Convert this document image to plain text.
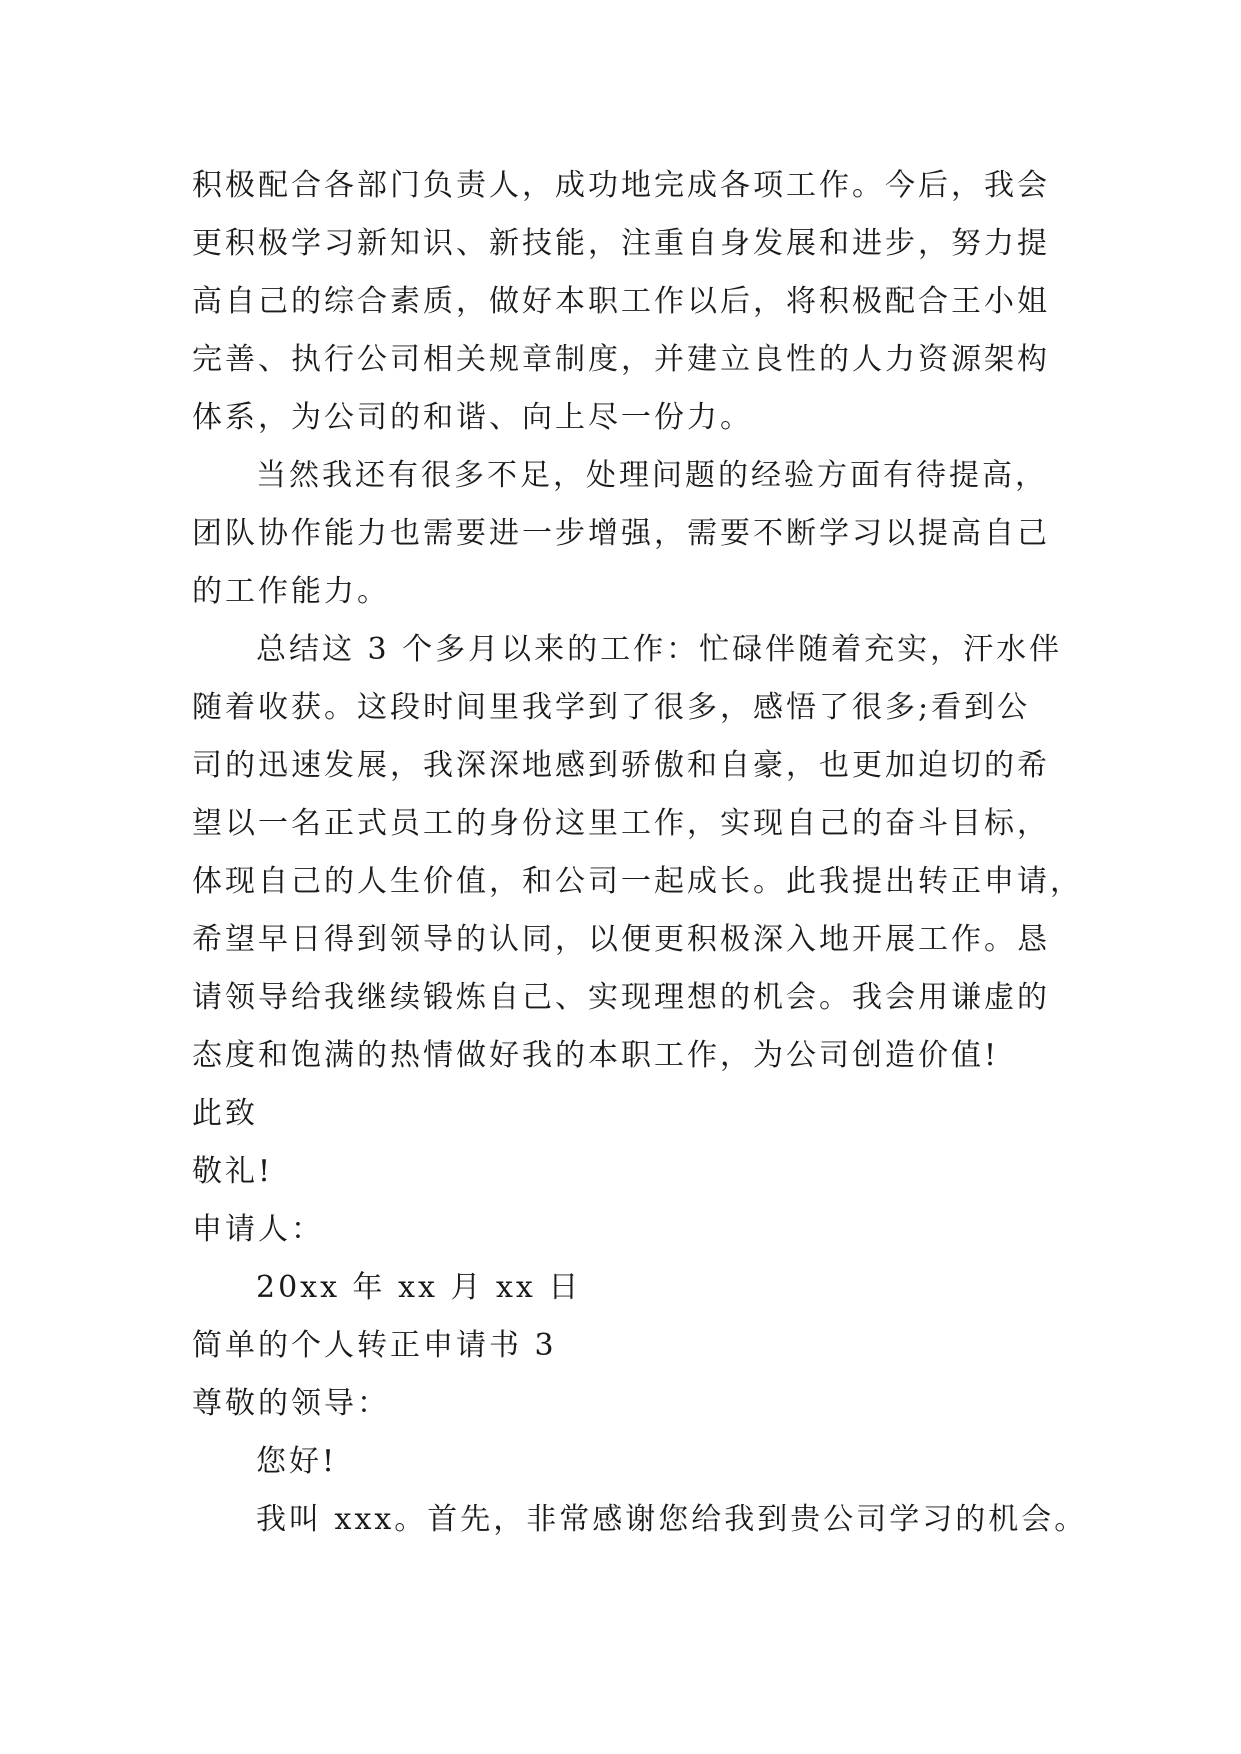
积极配合各部门负责人，成功地完成各项工作。今后，我会
更积极学习新知识、新技能，注重自身发展和进步，努力提
高自己的综合素质，做好本职工作以后，将积极配合王小姐
完善、执行公司相关规章制度，并建立良性的人力资源架构
体系，为公司的和谐、向上尽一份力。
当然我还有很多不足，处理问题的经验方面有待提高，
团队协作能力也需要进一步增强，需要不断学习以提高自己
的工作能力。
总结这 3 个多月以来的工作：忙碌伴随着充实，汗水伴
随着收获。这段时间里我学到了很多，感悟了很多;看到公
司的迅速发展，我深深地感到骄傲和自豪，也更加迫切的希
望以一名正式员工的身份这里工作，实现自己的奋斗目标，
体现自己的人生价值，和公司一起成长。此我提出转正申请，
希望早日得到领导的认同，以便更积极深入地开展工作。恳
请领导给我继续锻炼自己、实现理想的机会。我会用谦虚的
态度和饱满的热情做好我的本职工作，为公司创造价值!
此致
敬礼!
申请人：
20xx 年 xx 月 xx 日
简单的个人转正申请书 3
尊敬的领导：
您好!
我叫 xxx。首先，非常感谢您给我到贵公司学习的机会。
